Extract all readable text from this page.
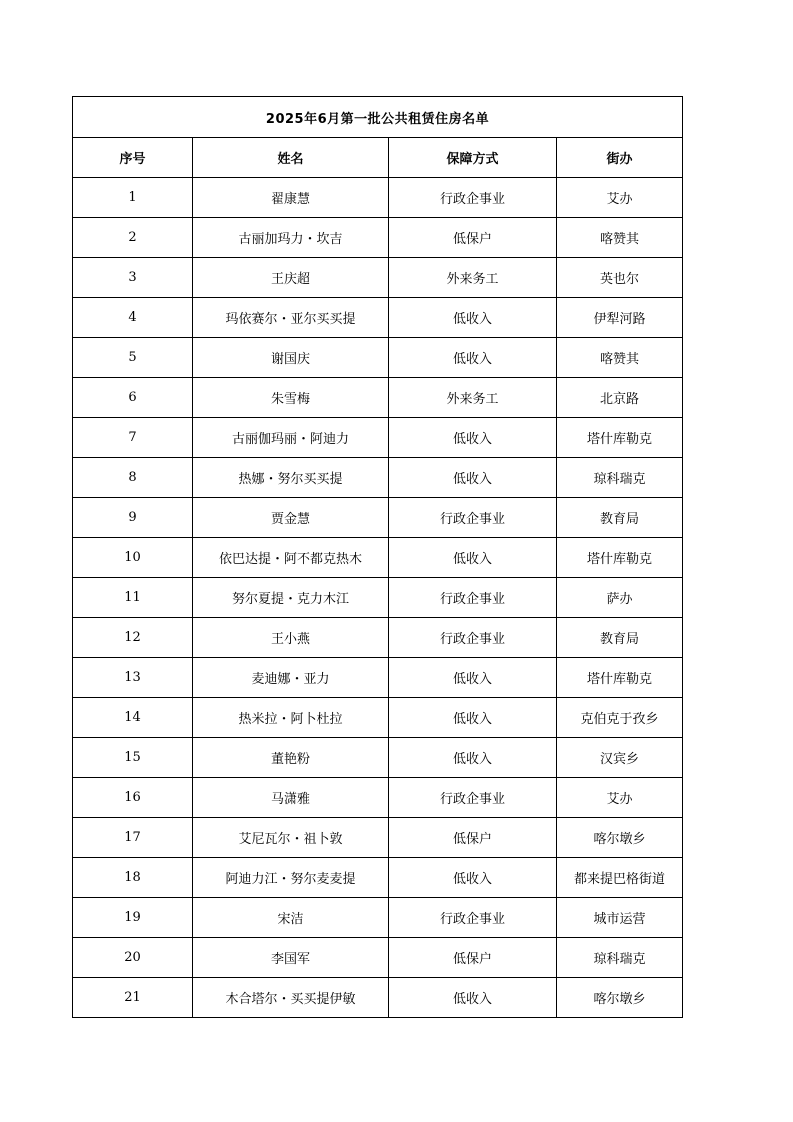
2025年6月第一批公共租赁住房名单			
序号	姓名	保障方式	街办
1	翟康慧	行政企事业	艾办
2	古丽加玛力・坎吉	低保户	喀赞其
3	王庆超	外来务工	英也尔
4	玛依赛尔・亚尔买买提	低收入	伊犁河路
5	谢国庆	低收入	喀赞其
6	朱雪梅	外来务工	北京路
7	古丽伽玛丽・阿迪力	低收入	塔什库勒克
8	热娜・努尔买买提	低收入	琼科瑞克
9	贾金慧	行政企事业	教育局
10	依巴达提・阿不都克热木	低收入	塔什库勒克
11	努尔夏提・克力木江	行政企事业	萨办
12	王小燕	行政企事业	教育局
13	麦迪娜・亚力	低收入	塔什库勒克
14	热米拉・阿卜杜拉	低收入	克伯克于孜乡
15	董艳粉	低收入	汉宾乡
16	马潇雅	行政企事业	艾办
17	艾尼瓦尔・祖卜敦	低保户	喀尔墩乡
18	阿迪力江・努尔麦麦提	低收入	都来提巴格街道
19	宋洁	行政企事业	城市运营
20	李国军	低保户	琼科瑞克
21	木合塔尔・买买提伊敏	低收入	喀尔墩乡
